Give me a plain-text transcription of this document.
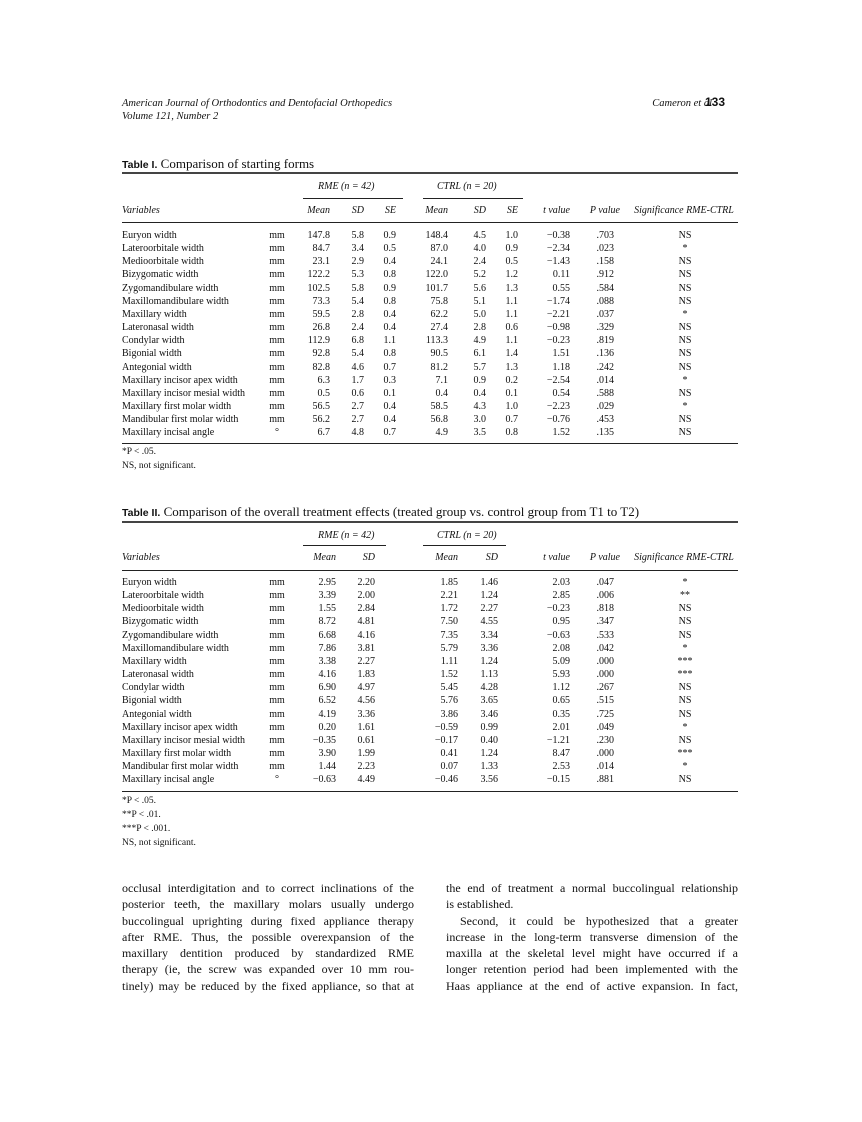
American Journal of Orthodontics and Dentofacial Orthopedics
Volume 121, Number 2
Cameron et al
133
Table I. Comparison of starting forms
RME (n = 42)	CTRL (n = 20)
Variables	Mean	SD	SE	Mean	SD	SE	t value	P value	Significance RME-CTRL
Euryon width	mm	147.8	5.8	0.9	148.4	4.5	1.0	−0.38	.703	NS
Lateroorbitale width	mm	84.7	3.4	0.5	87.0	4.0	0.9	−2.34	.023	*
Medioorbitale width	mm	23.1	2.9	0.4	24.1	2.4	0.5	−1.43	.158	NS
Bizygomatic width	mm	122.2	5.3	0.8	122.0	5.2	1.2	0.11	.912	NS
Zygomandibulare width	mm	102.5	5.8	0.9	101.7	5.6	1.3	0.55	.584	NS
Maxillomandibulare width	mm	73.3	5.4	0.8	75.8	5.1	1.1	−1.74	.088	NS
Maxillary width	mm	59.5	2.8	0.4	62.2	5.0	1.1	−2.21	.037	*
Lateronasal width	mm	26.8	2.4	0.4	27.4	2.8	0.6	−0.98	.329	NS
Condylar width	mm	112.9	6.8	1.1	113.3	4.9	1.1	−0.23	.819	NS
Bigonial width	mm	92.8	5.4	0.8	90.5	6.1	1.4	1.51	.136	NS
Antegonial width	mm	82.8	4.6	0.7	81.2	5.7	1.3	1.18	.242	NS
Maxillary incisor apex width	mm	6.3	1.7	0.3	7.1	0.9	0.2	−2.54	.014	*
Maxillary incisor mesial width	mm	0.5	0.6	0.1	0.4	0.4	0.1	0.54	.588	NS
Maxillary first molar width	mm	56.5	2.7	0.4	58.5	4.3	1.0	−2.23	.029	*
Mandibular first molar width	mm	56.2	2.7	0.4	56.8	3.0	0.7	−0.76	.453	NS
Maxillary incisal angle	°	6.7	4.8	0.7	4.9	3.5	0.8	1.52	.135	NS
*P < .05.
NS, not significant.
Table II. Comparison of the overall treatment effects (treated group vs. control group from T1 to T2)
RME (n = 42)	CTRL (n = 20)
Variables	Mean	SD	Mean	SD	t value	P value	Significance RME-CTRL
Euryon width	mm	2.95	2.20	1.85	1.46	2.03	.047	*
Lateroorbitale width	mm	3.39	2.00	2.21	1.24	2.85	.006	**
Medioorbitale width	mm	1.55	2.84	1.72	2.27	−0.23	.818	NS
Bizygomatic width	mm	8.72	4.81	7.50	4.55	0.95	.347	NS
Zygomandibulare width	mm	6.68	4.16	7.35	3.34	−0.63	.533	NS
Maxillomandibulare width	mm	7.86	3.81	5.79	3.36	2.08	.042	*
Maxillary width	mm	3.38	2.27	1.11	1.24	5.09	.000	***
Lateronasal width	mm	4.16	1.83	1.52	1.13	5.93	.000	***
Condylar width	mm	6.90	4.97	5.45	4.28	1.12	.267	NS
Bigonial width	mm	6.52	4.56	5.76	3.65	0.65	.515	NS
Antegonial width	mm	4.19	3.36	3.86	3.46	0.35	.725	NS
Maxillary incisor apex width	mm	0.20	1.61	−0.59	0.99	2.01	.049	*
Maxillary incisor mesial width	mm	−0.35	0.61	−0.17	0.40	−1.21	.230	NS
Maxillary first molar width	mm	3.90	1.99	0.41	1.24	8.47	.000	***
Mandibular first molar width	mm	1.44	2.23	0.07	1.33	2.53	.014	*
Maxillary incisal angle	°	−0.63	4.49	−0.46	3.56	−0.15	.881	NS
*P < .05.
**P < .01.
***P < .001.
NS, not significant.
occlusal interdigitation and to correct inclinations of the
posterior teeth, the maxillary molars usually undergo
buccolingual uprighting during fixed appliance therapy
after RME. Thus, the possible overexpansion of the
maxillary dentition produced by standardized RME
therapy (ie, the screw was expanded over 10 mm rou-
tinely) may be reduced by the fixed appliance, so that at
the end of treatment a normal buccolingual relationship
is established.
Second, it could be hypothesized that a greater
increase in the long-term transverse dimension of the
maxilla at the skeletal level might have occurred if a
longer retention period had been implemented with the
Haas appliance at the end of active expansion. In fact,
